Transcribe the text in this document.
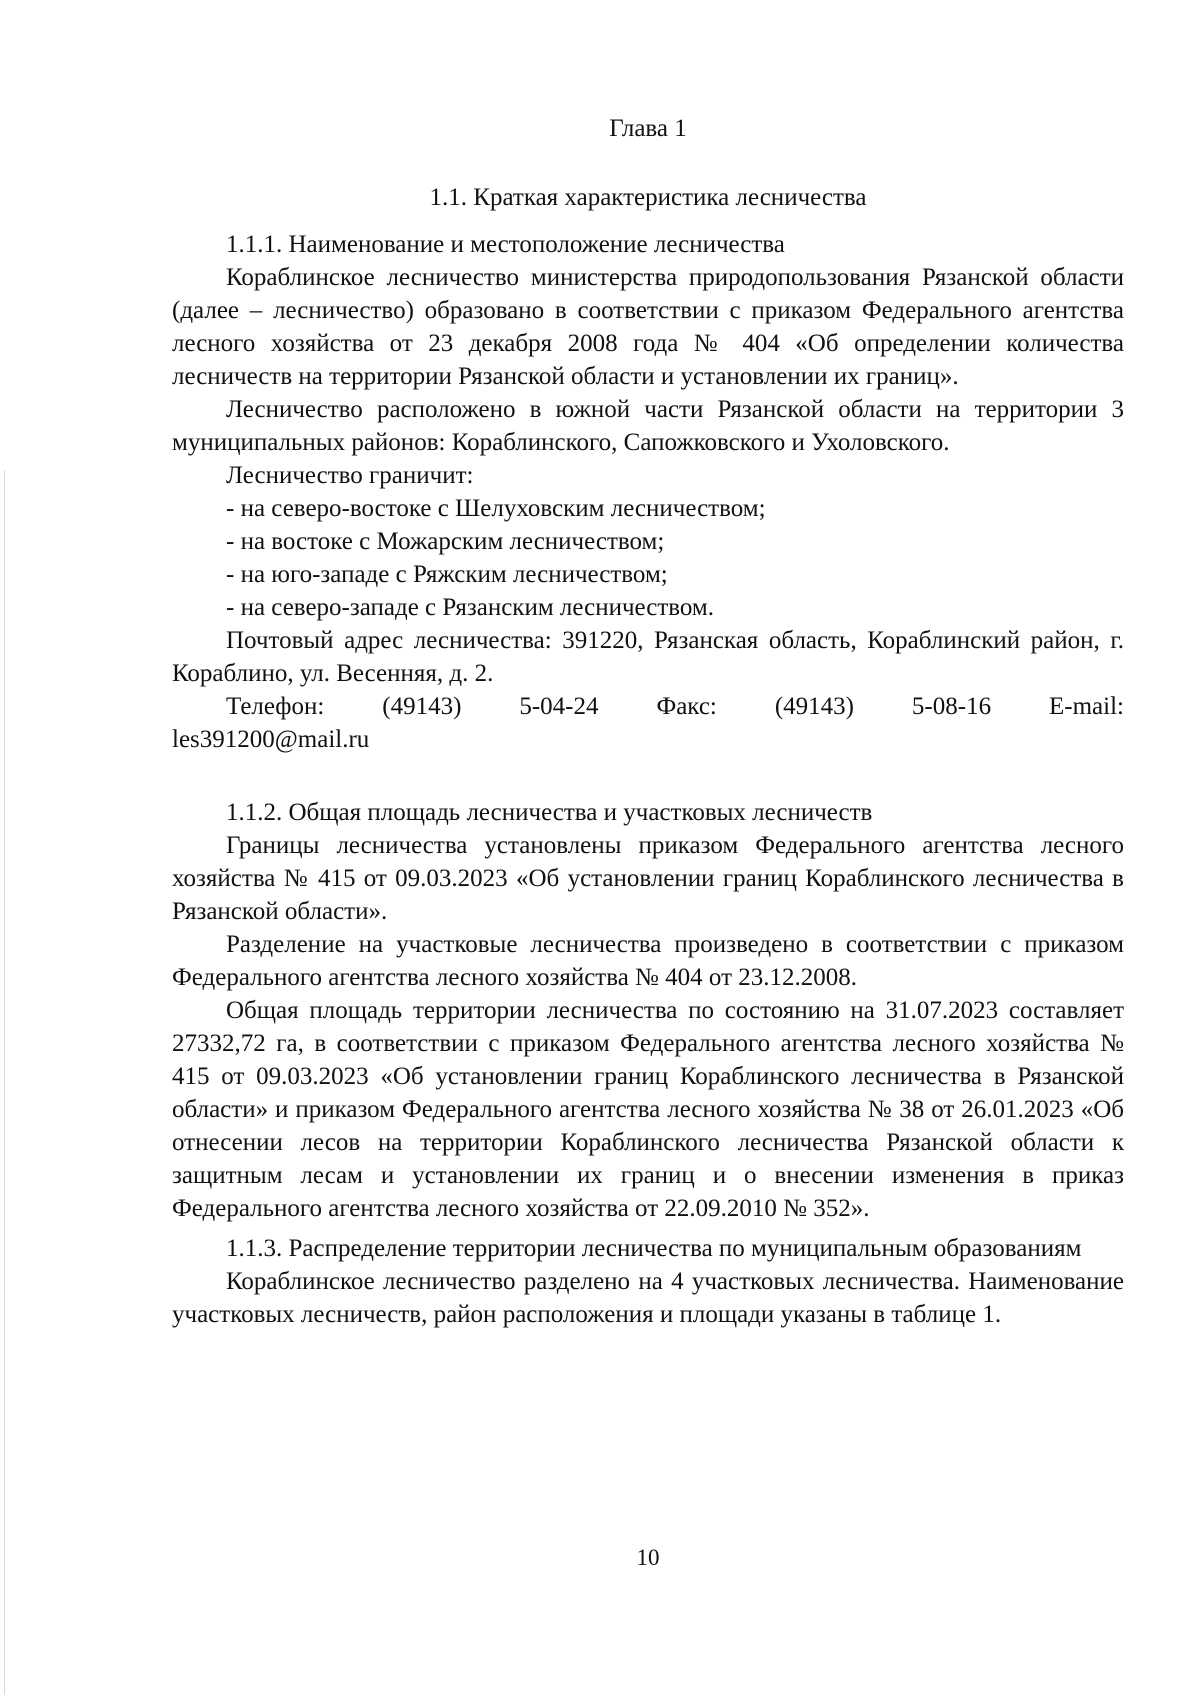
Глава 1
1.1. Краткая характеристика лесничества

1.1.1. Наименование и местоположение лесничества

Кораблинское лесничество министерства природопользования Рязанской области (далее – лесничество) образовано в соответствии с приказом Федерального агентства лесного хозяйства от 23 декабря 2008 года № 404 «Об определении количества лесничеств на территории Рязанской области и установлении их границ».

Лесничество расположено в южной части Рязанской области на территории 3 муниципальных районов: Кораблинского, Сапожковского и Ухоловского.

Лесничество граничит:

- на северо-востоке с Шелуховским лесничеством;

- на востоке с Можарским лесничеством;

- на юго-западе с Ряжским лесничеством;

- на северо-западе с Рязанским лесничеством.

Почтовый адрес лесничества: 391220, Рязанская область, Кораблинский район, г. Кораблино, ул. Весенняя, д. 2.

Телефон: (49143) 5-04-24 Факс: (49143) 5-08-16 E-mail:

les391200@mail.ru

1.1.2. Общая площадь лесничества и участковых лесничеств

Границы лесничества установлены приказом Федерального агентства лесного хозяйства № 415 от 09.03.2023 «Об установлении границ Кораблинского лесничества в Рязанской области».

Разделение на участковые лесничества произведено в соответствии с приказом Федерального агентства лесного хозяйства № 404 от 23.12.2008.

Общая площадь территории лесничества по состоянию на 31.07.2023 составляет 27332,72 га, в соответствии с приказом Федерального агентства лесного хозяйства № 415 от 09.03.2023 «Об установлении границ Кораблинского лесничества в Рязанской области» и приказом Федерального агентства лесного хозяйства № 38 от 26.01.2023 «Об отнесении лесов на территории Кораблинского лесничества Рязанской области к защитным лесам и установлении их границ и о внесении изменения в приказ Федерального агентства лесного хозяйства от 22.09.2010 № 352».

1.1.3. Распределение территории лесничества по муниципальным образованиям

Кораблинское лесничество разделено на 4 участковых лесничества. Наименование участковых лесничеств, район расположения и площади указаны в таблице 1.

10
